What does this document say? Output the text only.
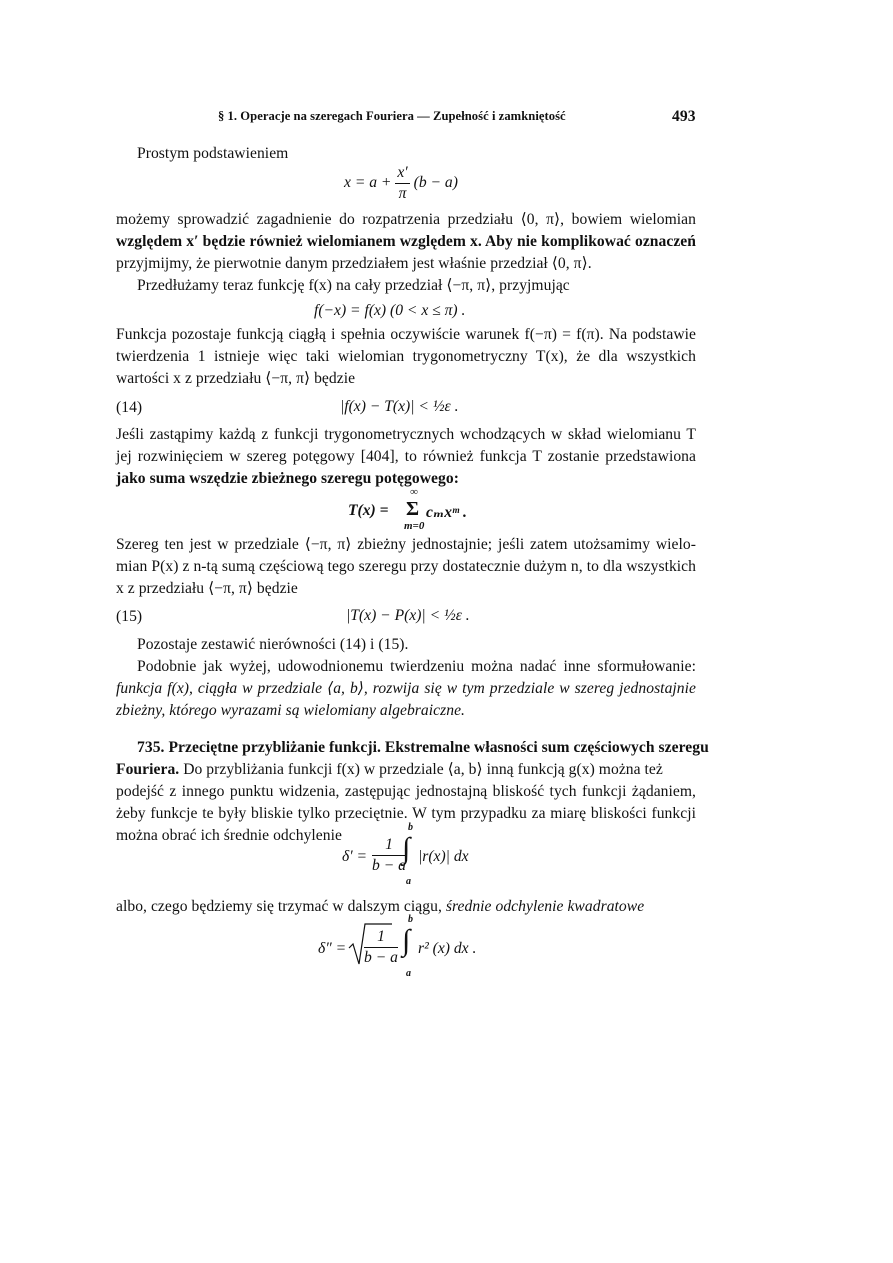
§ 1. Operacje na szeregach Fouriera — Zupełność i zamkniętość	493
Prostym podstawieniem
$x = a + \frac{x'}{\pi} (b - a)$
możemy sprowadzić zagadnienie do rozpatrzenia przedziału ⟨0, π⟩, bowiem wielomian
względem x′ będzie również wielomianem względem x. Aby nie komplikować oznaczeń
przyjmijmy, że pierwotnie danym przedziałem jest właśnie przedział ⟨0, π⟩.
Przedłużamy teraz funkcję f(x) na cały przedział ⟨−π, π⟩, przyjmując
f(−x) = f(x) (0 < x ≤ π) .
Funkcja pozostaje funkcją ciągłą i spełnia oczywiście warunek f(−π) = f(π). Na podstawie
twierdzenia 1 istnieje więc taki wielomian trygonometryczny T(x), że dla wszystkich
wartości x z przedziału ⟨−π, π⟩ będzie
(14)	|f(x) − T(x)| < ½ε .
Jeśli zastąpimy każdą z funkcji trygonometrycznych wchodzących w skład wielomianu T
jej rozwinięciem w szereg potęgowy [404], to również funkcja T zostanie przedstawiona
jako suma wszędzie zbieżnego szeregu potęgowego:
T(x) =
∞
Σ
m=0
cₘxᵐ .
Szereg ten jest w przedziale ⟨−π, π⟩ zbieżny jednostajnie; jeśli zatem utożsamimy wielo-
mian P(x) z n-tą sumą częściową tego szeregu przy dostatecznie dużym n, to dla wszystkich
x z przedziału ⟨−π, π⟩ będzie
(15)	|T(x) − P(x)| < ½ε .
Pozostaje zestawić nierówności (14) i (15).
Podobnie jak wyżej, udowodnionemu twierdzeniu można nadać inne sformułowanie:
funkcja f(x), ciągła w przedziale ⟨a, b⟩, rozwija się w tym przedziale w szereg jednostajnie
zbieżny, którego wyrazami są wielomiany algebraiczne.
735. Przeciętne przybliżanie funkcji. Ekstremalne własności sum częściowych szeregu
Fouriera. Do przybliżania funkcji f(x) w przedziale ⟨a, b⟩ inną funkcją g(x) można też
podejść z innego punktu widzenia, zastępując jednostajną bliskość tych funkcji żądaniem,
żeby funkcje te były bliskie tylko przeciętnie. W tym przypadku za miarę bliskości funkcji
można obrać ich średnie odchylenie
$\delta' = \frac{1}{b - a}$
b
∫
a
|r(x)| dx
albo, czego będziemy się trzymać w dalszym ciągu, średnie odchylenie kwadratowe
$\delta'' = \frac{1}{b - a}$
b
∫
a
r² (x) dx .
